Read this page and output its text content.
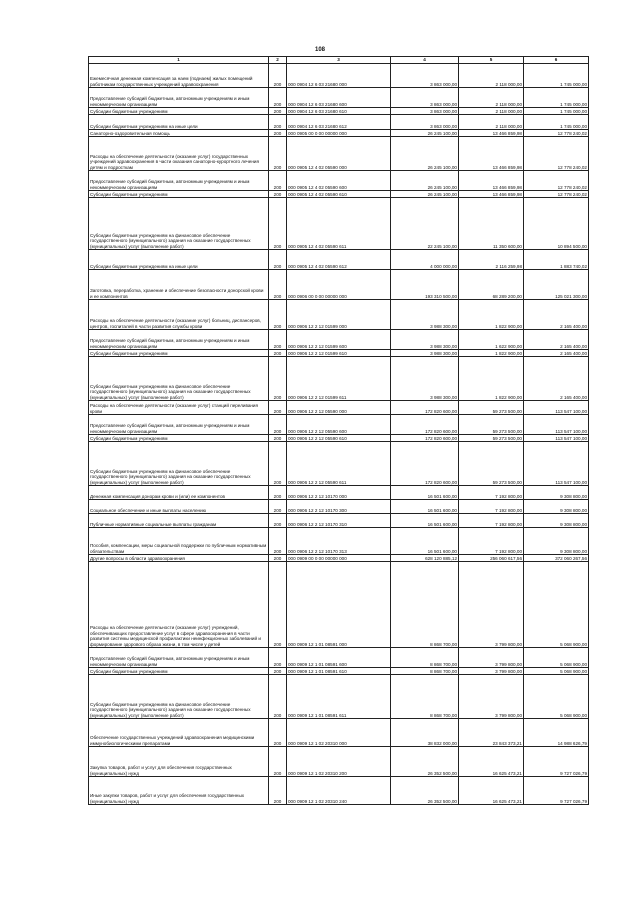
108
1	2	3	4	5	6
Ежемесячная денежная компенсация за наем (поднаем) жилых помещений работникам государственных учреждений здравоохранения	200	000 0904 12 6 03 21680 000	3 863 000,00	2 118 000,00	1 745 000,00
Предоставление субсидий бюджетным, автономным учреждениям и иным некоммерческим организациям	200	000 0904 12 6 03 21680 600	3 863 000,00	2 118 000,00	1 745 000,00
Субсидии бюджетным учреждениям	200	000 0904 12 6 03 21680 610	3 863 000,00	2 118 000,00	1 745 000,00
Субсидии бюджетным учреждениям на иные цели	200	000 0904 12 6 03 21680 612	3 863 000,00	2 118 000,00	1 745 000,00
Санаторно-оздоровительная помощь	200	000 0905 00 0 00 00000 000	26 245 100,00	13 466 859,98	12 778 240,02
Расходы на обеспечение деятельности (оказание услуг) государственных учреждений здравоохранения в части оказания санаторно-курортного лечения детям и подросткам	200	000 0905 12 4 02 05590 000	26 245 100,00	13 466 859,98	12 778 240,02
Предоставление субсидий бюджетным, автономным учреждениям и иным некоммерческим организациям	200	000 0905 12 4 02 05590 600	26 245 100,00	13 466 859,98	12 778 240,02
Субсидии бюджетным учреждениям	200	000 0905 12 4 02 05590 610	26 245 100,00	13 466 859,98	12 778 240,02
Субсидии бюджетным учреждениям на финансовое обеспечение государственного (муниципального) задания на оказание государственных (муниципальных) услуг (выполнение работ)	200	000 0905 12 4 02 05590 611	22 245 100,00	11 350 600,00	10 894 500,00
Субсидии бюджетным учреждениям на иные цели	200	000 0905 12 4 02 05590 612	4 000 000,00	2 116 259,98	1 883 740,02
Заготовка, переработка, хранение и обеспечение безопасности донорской крови и ее компонентов	200	000 0906 00 0 00 00000 000	193 310 500,00	68 289 200,00	125 021 300,00
Расходы на обеспечение деятельности (оказание услуг) больниц, диспансеров, центров, госпиталей в части развития службы крови	200	000 0906 12 2 12 01599 000	3 988 300,00	1 822 900,00	2 165 400,00
Предоставление субсидий бюджетным, автономным учреждениям и иным некоммерческим организациям	200	000 0906 12 2 12 01599 600	3 988 300,00	1 622 900,00	2 165 400,00
Субсидии бюджетным учреждениям	200	000 0906 12 2 12 01599 610	3 988 300,00	1 822 900,00	2 165 400,00
Субсидии бюджетным учреждениям на финансовое обеспечение государственного (муниципального) задания на оказание государственных (муниципальных) услуг (выполнение работ)	200	000 0906 12 2 12 01599 611	3 988 300,00	1 822 900,00	2 165 400,00
Расходы на обеспечение деятельности (оказание услуг) станций переливания крови	200	000 0906 12 2 12 05590 000	172 820 600,00	59 273 500,00	113 547 100,00
Предоставление субсидий бюджетным, автономным учреждениям и иным некоммерческим организациям	200	000 0906 12 2 12 05590 600	172 820 600,00	59 273 500,00	113 547 100,00
Субсидии бюджетным учреждениям	200	000 0906 12 2 12 05590 610	172 820 600,00	59 273 500,00	113 547 100,00
Субсидии бюджетным учреждениям на финансовое обеспечение государственного (муниципального) задания на оказание государственных (муниципальных) услуг (выполнение работ)	200	000 0906 12 2 12 05590 611	172 820 600,00	59 273 500,00	113 547 100,00
Денежная компенсация донорам крови и (или) ее компонентов	200	000 0906 12 2 12 10170 000	16 501 600,00	7 192 800,00	9 308 800,00
Социальное обеспечение и иные выплаты населению	200	000 0906 12 2 12 10170 300	16 501 600,00	7 192 800,00	9 308 800,00
Публичные нормативные социальные выплаты гражданам	200	000 0906 12 2 12 10170 310	16 501 600,00	7 192 800,00	9 308 800,00
Пособия, компенсации, меры социальной поддержки по публичным нормативным обязательствам	200	000 0906 12 2 12 10170 313	16 501 600,00	7 192 800,00	9 308 800,00
Другие вопросы в области здравоохранения	200	000 0909 00 0 00 00000 000	628 120 885,12	256 060 617,56	372 060 267,56
Расходы на обеспечение деятельности (оказание услуг) учреждений, обеспечивающих предоставление услуг в сфере здравоохранения в части развития системы медицинской профилактики неинфекционных заболеваний и формирование здорового образа жизни, в том числе у детей	200	000 0909 12 1 01 08591 000	8 868 700,00	3 799 800,00	5 068 900,00
Предоставление субсидий бюджетным, автономным учреждениям и иным некоммерческим организациям	200	000 0909 12 1 01 08591 600	8 868 700,00	3 799 800,00	5 068 900,00
Субсидии бюджетным учреждениям	200	000 0909 12 1 01 08591 610	8 868 700,00	3 799 800,00	5 068 900,00
Субсидии бюджетным учреждениям на финансовое обеспечение государственного (муниципального) задания на оказание государственных (муниципальных) услуг (выполнение работ)	200	000 0909 12 1 01 08591 611	8 868 700,00	3 799 800,00	5 068 900,00
Обеспечение государственных учреждений здравоохранения медицинскими иммунобиологическими препаратами	200	000 0909 12 1 02 20310 000	38 832 000,00	23 843 373,21	14 988 626,79
Закупка товаров, работ и услуг для обеспечения государственных (муниципальных) нужд	200	000 0909 12 1 02 20310 200	26 352 500,00	16 625 473,21	9 727 026,79
Иные закупки товаров, работ и услуг для обеспечения государственных (муниципальных) нужд	200	000 0909 12 1 02 20310 240	26 352 500,00	16 625 473,21	9 727 026,79
